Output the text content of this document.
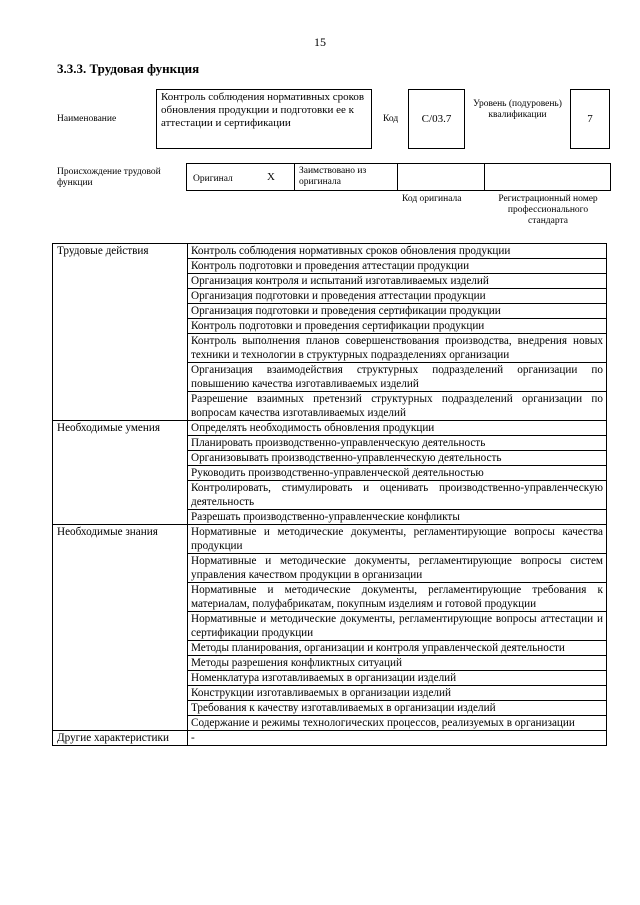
15
3.3.3. Трудовая функция
Наименование
Контроль соблюдения нормативных сроков обновления продукции и подготовки ее к аттестации и сертификации	Код C/03.7
Уровень (подуровень) квалификации	7
Происхождение трудовой функции	Оригинал	X	Заимствовано из оригинала
Код оригинала	Регистрационный номер профессионального стандарта
Трудовые действия	Контроль соблюдения нормативных сроков обновления продукции
	Контроль подготовки и проведения аттестации продукции
	Организация контроля и испытаний изготавливаемых изделий
	Организация подготовки и проведения аттестации продукции
	Организация подготовки и проведения сертификации продукции
	Контроль подготовки и проведения сертификации продукции
	Контроль выполнения планов совершенствования производства, внедрения новых техники и технологии в структурных подразделениях организации
	Организация взаимодействия структурных подразделений организации по повышению качества изготавливаемых изделий
	Разрешение взаимных претензий структурных подразделений организации по вопросам качества изготавливаемых изделий
Необходимые умения	Определять необходимость обновления продукции
	Планировать производственно-управленческую деятельность
	Организовывать производственно-управленческую деятельность
	Руководить производственно-управленческой деятельностью
	Контролировать, стимулировать и оценивать производственно-управленческую деятельность
	Разрешать производственно-управленческие конфликты
Необходимые знания	Нормативные и методические документы, регламентирующие вопросы качества продукции
	Нормативные и методические документы, регламентирующие вопросы систем управления качеством продукции в организации
	Нормативные и методические документы, регламентирующие требования к материалам, полуфабрикатам, покупным изделиям и готовой продукции
	Нормативные и методические документы, регламентирующие вопросы аттестации и сертификации продукции
	Методы планирования, организации и контроля управленческой деятельности
	Методы разрешения конфликтных ситуаций
	Номенклатура изготавливаемых в организации изделий
	Конструкции изготавливаемых в организации изделий
	Требования к качеству изготавливаемых в организации изделий
	Содержание и режимы технологических процессов, реализуемых в организации
Другие характеристики	-
